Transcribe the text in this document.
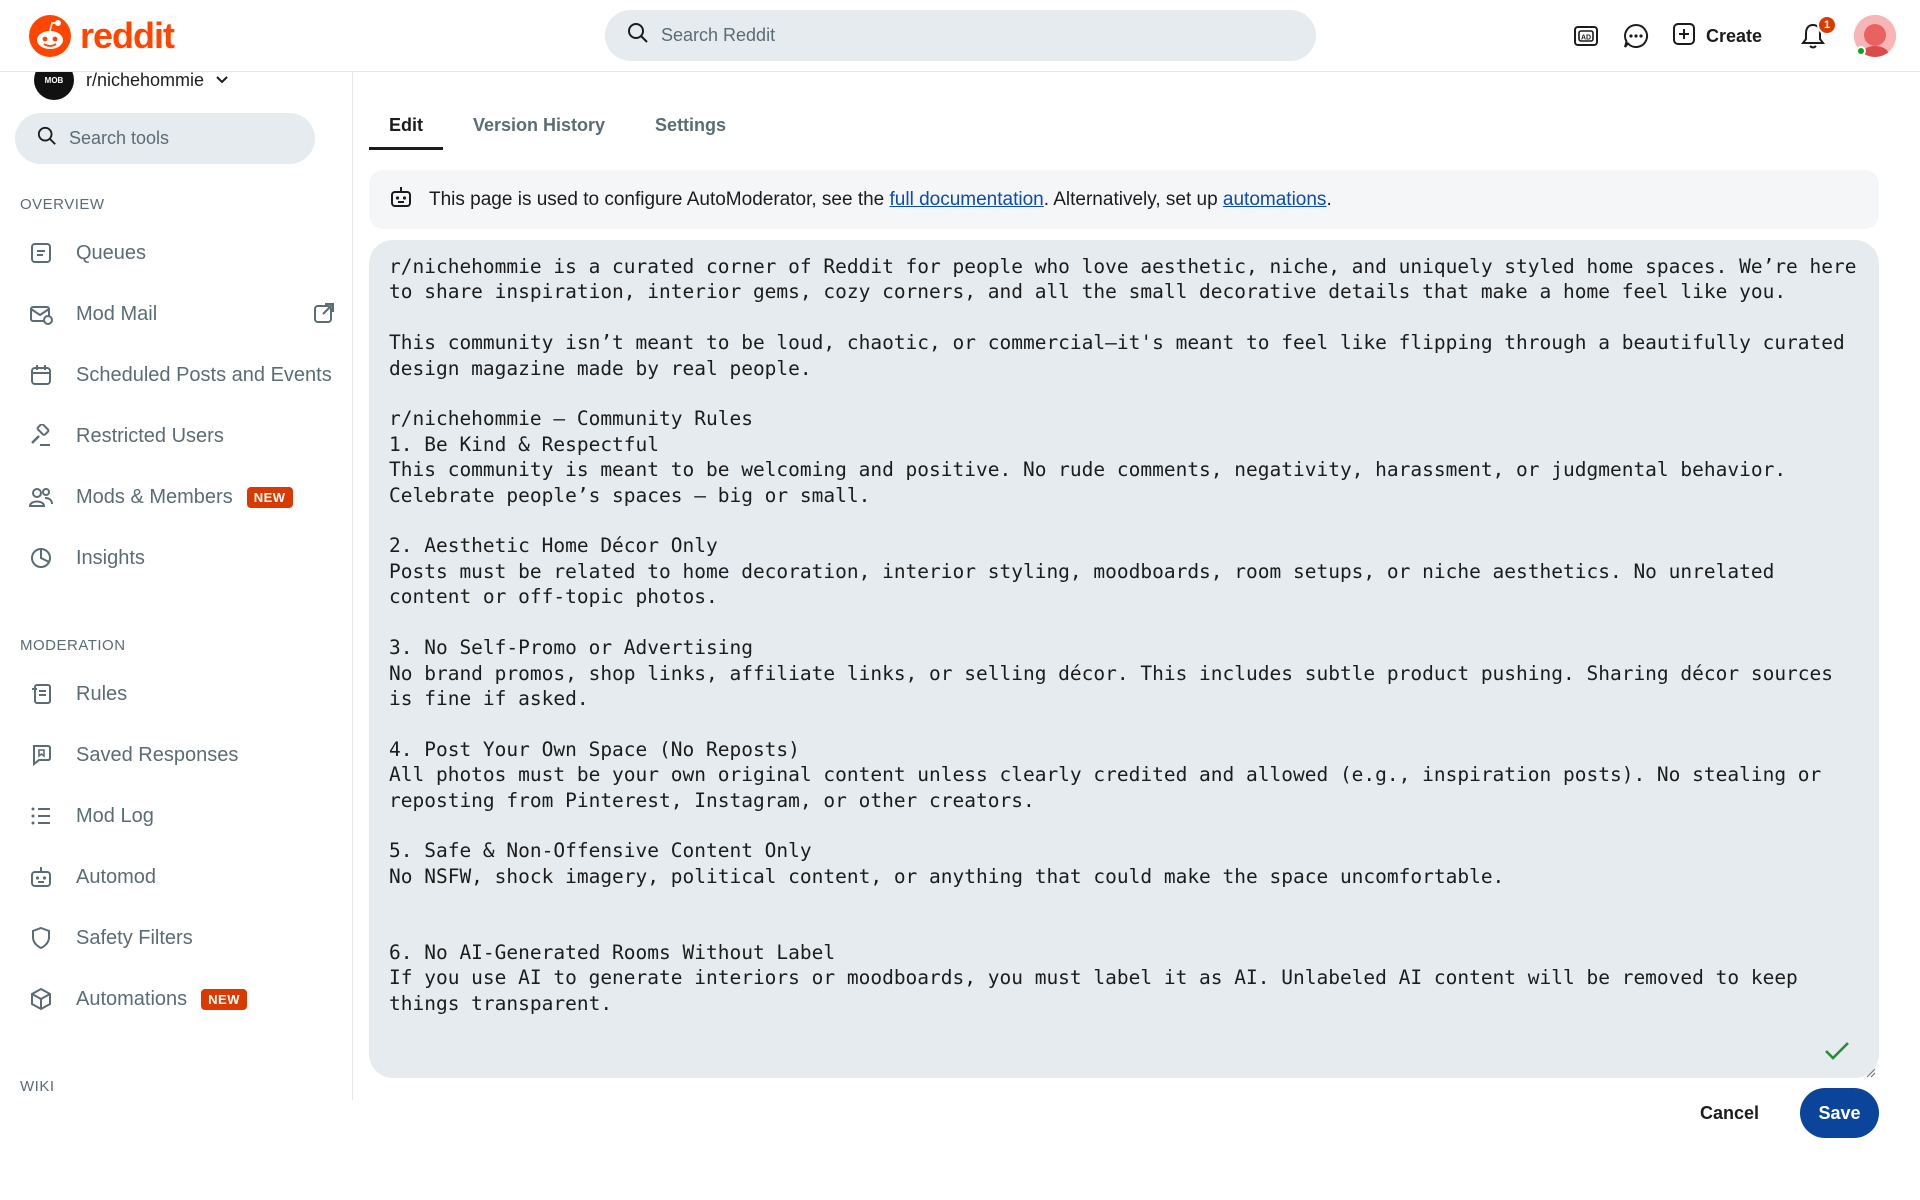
reddit
Search Reddit	AD	Create
1
MOB	r/nichehommie
Search tools
OVERVIEW
Queues
Mod Mail
Scheduled Posts and Events
Restricted Users
Mods & Members	NEW
Insights
MODERATION
Rules
Saved Responses
Mod Log
Automod
Safety Filters
Automations	NEW
WIKI
Edit	Version History	Settings
This page is used to configure AutoModerator, see the full documentation. Alternatively, set up automations.
r/nichehommie is a curated corner of Reddit for people who love aesthetic, niche, and uniquely styled home spaces. We’re here to share inspiration, interior gems, cozy corners, and all the small decorative details that make a home feel like you. This community isn’t meant to be loud, chaotic, or commercial—it's meant to feel like flipping through a beautifully curated design magazine made by real people. r/nichehommie — Community Rules 1. Be Kind & Respectful This community is meant to be welcoming and positive. No rude comments, negativity, harassment, or judgmental behavior. Celebrate people’s spaces — big or small. 2. Aesthetic Home Décor Only Posts must be related to home decoration, interior styling, moodboards, room setups, or niche aesthetics. No unrelated content or off-topic photos. 3. No Self-Promo or Advertising No brand promos, shop links, affiliate links, or selling décor. This includes subtle product pushing. Sharing décor sources is fine if asked. 4. Post Your Own Space (No Reposts) All photos must be your own original content unless clearly credited and allowed (e.g., inspiration posts). No stealing or reposting from Pinterest, Instagram, or other creators. 5. Safe & Non-Offensive Content Only No NSFW, shock imagery, political content, or anything that could make the space uncomfortable. 6. No AI-Generated Rooms Without Label If you use AI to generate interiors or moodboards, you must label it as AI. Unlabeled AI content will be removed to keep things transparent.
Cancel	Save
